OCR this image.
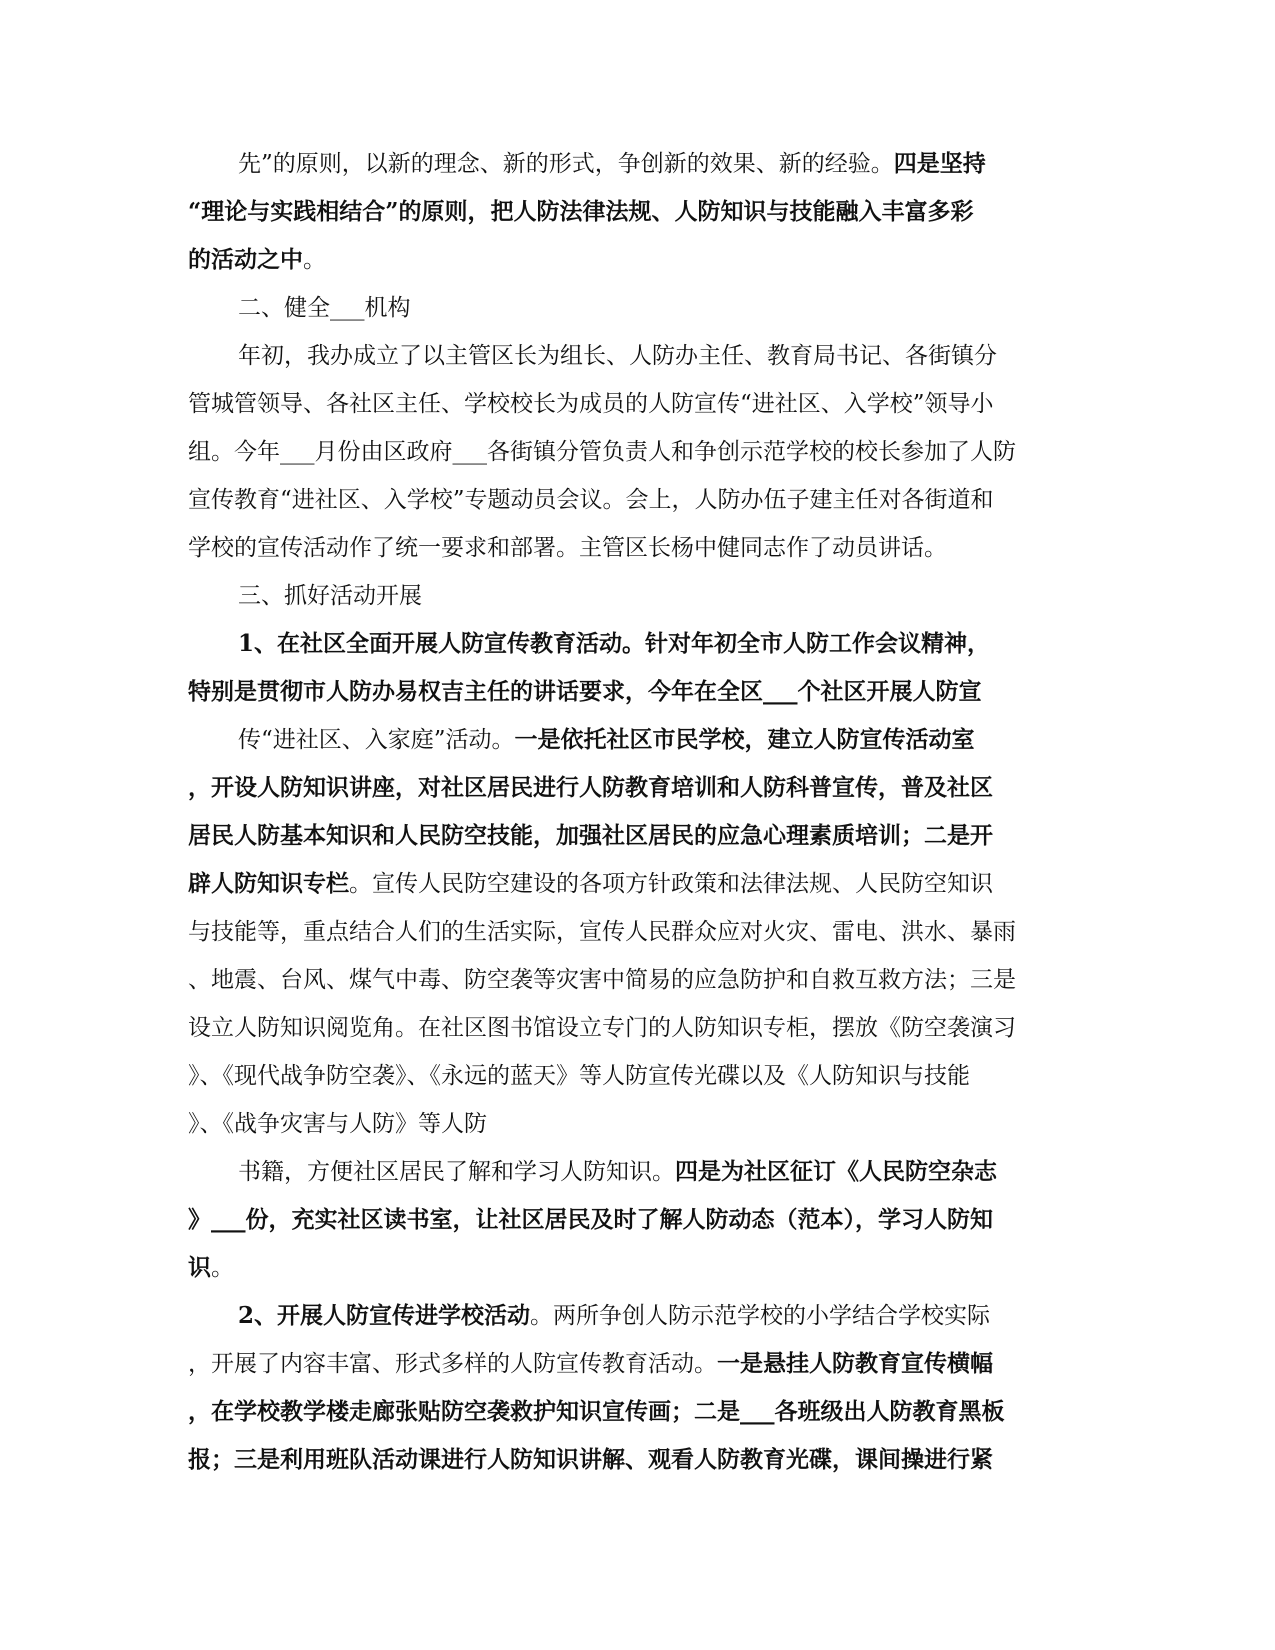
先”的原则，以新的理念、新的形式，争创新的效果、新的经验。四是坚持
“理论与实践相结合”的原则，把人防法律法规、人防知识与技能融入丰富多彩
的活动之中。
二、健全___机构
年初，我办成立了以主管区长为组长、人防办主任、教育局书记、各街镇分
管城管领导、各社区主任、学校校长为成员的人防宣传“进社区、入学校”领导小
组。今年___月份由区政府___各街镇分管负责人和争创示范学校的校长参加了人防
宣传教育“进社区、入学校”专题动员会议。会上，人防办伍子建主任对各街道和
学校的宣传活动作了统一要求和部署。主管区长杨中健同志作了动员讲话。
三、抓好活动开展
1、在社区全面开展人防宣传教育活动。针对年初全市人防工作会议精神，
特别是贯彻市人防办易权吉主任的讲话要求，今年在全区___个社区开展人防宣
传“进社区、入家庭”活动。一是依托社区市民学校，建立人防宣传活动室
，开设人防知识讲座，对社区居民进行人防教育培训和人防科普宣传，普及社区
居民人防基本知识和人民防空技能，加强社区居民的应急心理素质培训；二是开
辟人防知识专栏。宣传人民防空建设的各项方针政策和法律法规、人民防空知识
与技能等，重点结合人们的生活实际，宣传人民群众应对火灾、雷电、洪水、暴雨
、地震、台风、煤气中毒、防空袭等灾害中简易的应急防护和自救互救方法；三是
设立人防知识阅览角。在社区图书馆设立专门的人防知识专柜，摆放《防空袭演习
》、《现代战争防空袭》、《永远的蓝天》等人防宣传光碟以及《人防知识与技能
》、《战争灾害与人防》等人防
书籍，方便社区居民了解和学习人防知识。四是为社区征订《人民防空杂志
》___份，充实社区读书室，让社区居民及时了解人防动态（范本），学习人防知
识。
2、开展人防宣传进学校活动。两所争创人防示范学校的小学结合学校实际
，开展了内容丰富、形式多样的人防宣传教育活动。一是悬挂人防教育宣传横幅
，在学校教学楼走廊张贴防空袭救护知识宣传画；二是___各班级出人防教育黑板
报；三是利用班队活动课进行人防知识讲解、观看人防教育光碟，课间操进行紧
